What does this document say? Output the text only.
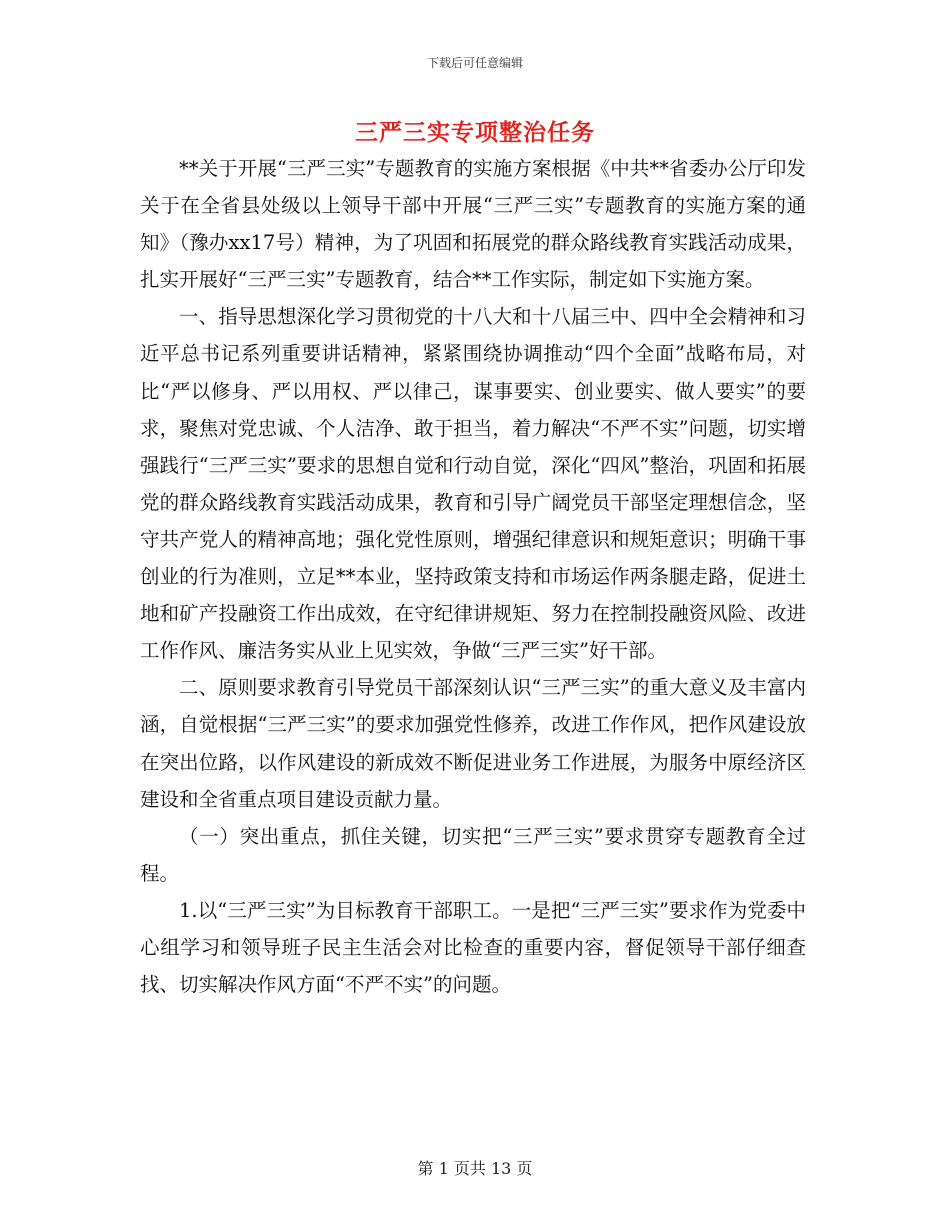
下载后可任意编辑
三严三实专项整治任务

**关于开展“三严三实”专题教育的实施方案根据《中共**省委办公厅印发关于在全省县处级以上领导干部中开展“三严三实”专题教育的实施方案的通知》（豫办xx17号）精神，为了巩固和拓展党的群众路线教育实践活动成果，扎实开展好“三严三实”专题教育，结合**工作实际，制定如下实施方案。

一、指导思想深化学习贯彻党的十八大和十八届三中、四中全会精神和习近平总书记系列重要讲话精神，紧紧围绕协调推动“四个全面”战略布局，对比“严以修身、严以用权、严以律己，谋事要实、创业要实、做人要实”的要求，聚焦对党忠诚、个人洁净、敢于担当，着力解决“不严不实”问题，切实增强践行“三严三实”要求的思想自觉和行动自觉，深化“四风”整治，巩固和拓展党的群众路线教育实践活动成果，教育和引导广阔党员干部坚定理想信念，坚守共产党人的精神高地；强化党性原则，增强纪律意识和规矩意识；明确干事创业的行为准则，立足**本业，坚持政策支持和市场运作两条腿走路，促进土地和矿产投融资工作出成效，在守纪律讲规矩、努力在控制投融资风险、改进工作作风、廉洁务实从业上见实效，争做“三严三实”好干部。

二、原则要求教育引导党员干部深刻认识“三严三实”的重大意义及丰富内涵，自觉根据“三严三实”的要求加强党性修养，改进工作作风，把作风建设放在突出位路，以作风建设的新成效不断促进业务工作进展，为服务中原经济区建设和全省重点项目建设贡献力量。

（一）突出重点，抓住关键，切实把“三严三实”要求贯穿专题教育全过程。

1.以“三严三实”为目标教育干部职工。一是把“三严三实”要求作为党委中心组学习和领导班子民主生活会对比检查的重要内容，督促领导干部仔细查找、切实解决作风方面“不严不实”的问题。

第 1 页共 13 页
